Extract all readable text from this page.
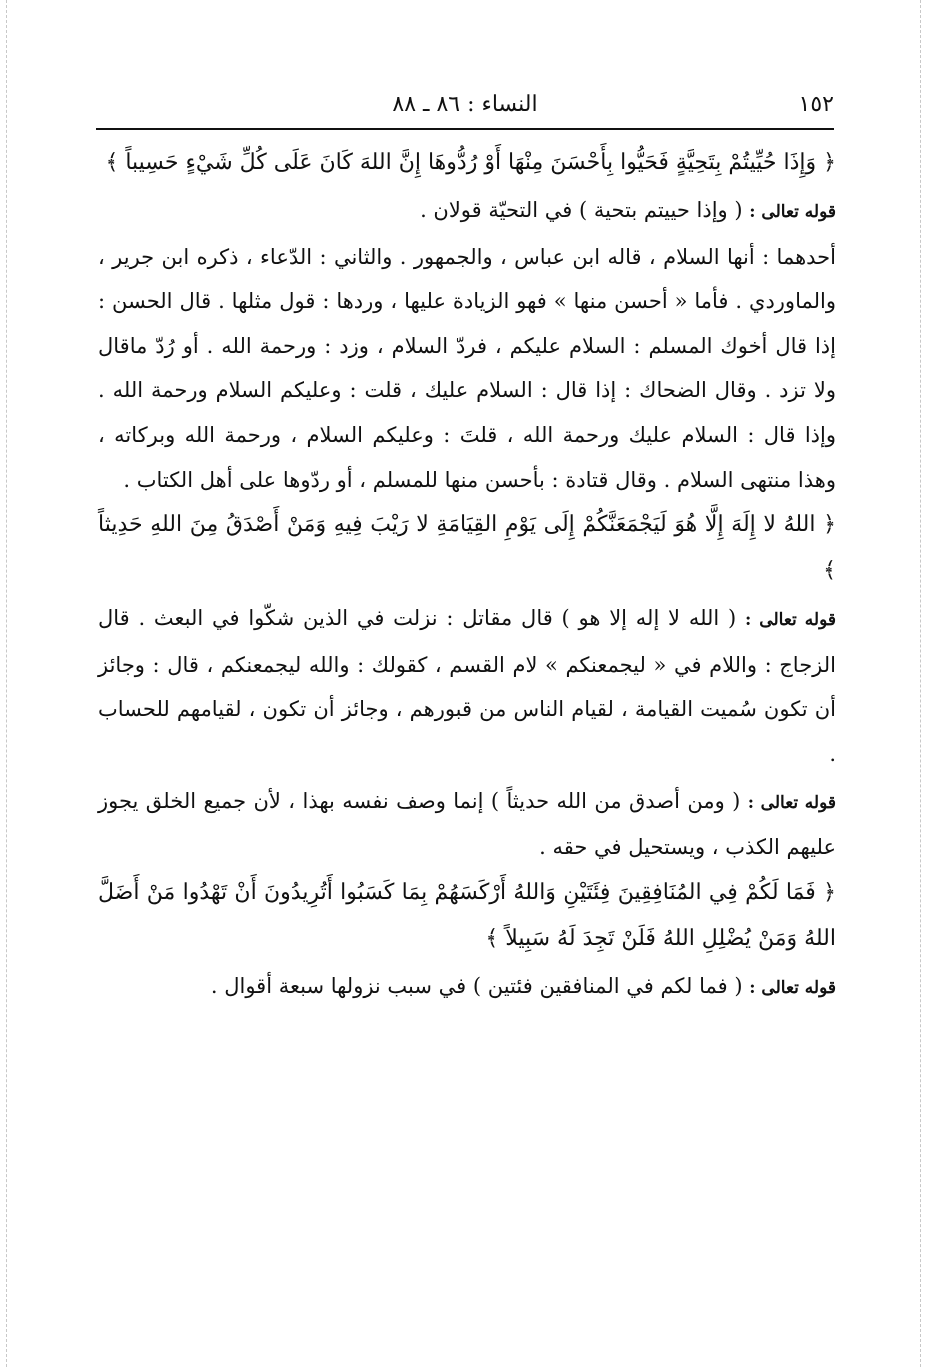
١٥٢
النساء : ٨٦ ـ ٨٨

﴿ وَإِذَا حُيِّيتُمْ بِتَحِيَّةٍ فَحَيُّوا بِأَحْسَنَ مِنْهَا أَوْ رُدُّوهَا إِنَّ اللهَ كَانَ عَلَى كُلِّ شَيْءٍ حَسِيباً ﴾

قوله تعالى : ( وإذا حييتم بتحية ) في التحيّة قولان .

أحدهما : أنها السلام ، قاله ابن عباس ، والجمهور . والثاني : الدّعاء ، ذكره ابن جرير ، والماوردي . فأما « أحسن منها » فهو الزيادة عليها ، وردها : قول مثلها . قال الحسن : إذا قال أخوك المسلم : السلام عليكم ، فردّ السلام ، وزد : ورحمة الله . أو رُدّ ماقال ولا تزد . وقال الضحاك : إذا قال : السلام عليك ، قلت : وعليكم السلام ورحمة الله . وإذا قال : السلام عليك ورحمة الله ، قلتَ : وعليكم السلام ، ورحمة الله وبركاته ، وهذا منتهى السلام . وقال قتادة : بأحسن منها للمسلم ، أو ردّوها على أهل الكتاب .

﴿ اللهُ لا إِلَهَ إِلَّا هُوَ لَيَجْمَعَنَّكُمْ إِلَى يَوْمِ القِيَامَةِ لا رَيْبَ فِيهِ وَمَنْ أَصْدَقُ مِنَ اللهِ حَدِيثاً ﴾

قوله تعالى : ( الله لا إله إلا هو ) قال مقاتل : نزلت في الذين شكّوا في البعث . قال الزجاج : واللام في « ليجمعنكم » لام القسم ، كقولك : والله ليجمعنكم ، قال : وجائز أن تكون سُميت القيامة ، لقيام الناس من قبورهم ، وجائز أن تكون ، لقيامهم للحساب .

قوله تعالى : ( ومن أصدق من الله حديثاً ) إنما وصف نفسه بهذا ، لأن جميع الخلق يجوز عليهم الكذب ، ويستحيل في حقه .

﴿ فَمَا لَكُمْ فِي المُنَافِقِينَ فِئَتَيْنِ وَاللهُ أَرْكَسَهُمْ بِمَا كَسَبُوا أَتُرِيدُونَ أَنْ تَهْدُوا مَنْ أَضَلَّ اللهُ وَمَنْ يُضْلِلِ اللهُ فَلَنْ تَجِدَ لَهُ سَبِيلاً ﴾

قوله تعالى : ( فما لكم في المنافقين فئتين ) في سبب نزولها سبعة أقوال .
